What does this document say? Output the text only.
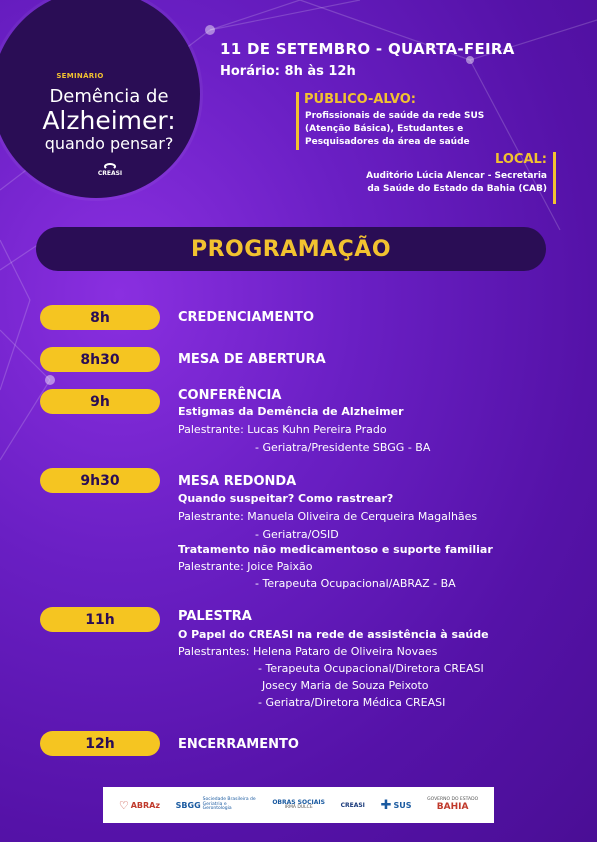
SEMINÁRIO
Demência de
Alzheimer:
quando pensar?
CREASI
11 DE SETEMBRO - QUARTA-FEIRA
Horário: 8h às 12h
PÚBLICO-ALVO:
Profissionais de saúde da rede SUS
(Atenção Básica), Estudantes e
Pesquisadores da área de saúde
LOCAL:
Auditório Lúcia Alencar - Secretaria
da Saúde do Estado da Bahia (CAB)
PROGRAMAÇÃO
8h	CREDENCIAMENTO
8h30	MESA DE ABERTURA
9h	CONFERÊNCIA
Estigmas da Demência de Alzheimer
Palestrante: Lucas Kuhn Pereira Prado
- Geriatra/Presidente SBGG - BA
9h30	MESA REDONDA
Quando suspeitar? Como rastrear?
Palestrante: Manuela Oliveira de Cerqueira Magalhães
- Geriatra/OSID
Tratamento não medicamentoso e suporte familiar
Palestrante: Joice Paixão
- Terapeuta Ocupacional/ABRAZ - BA
11h	PALESTRA
O Papel do CREASI na rede de assistência à saúde
Palestrantes: Helena Pataro de Oliveira Novaes
- Terapeuta Ocupacional/Diretora CREASI
Josecy Maria de Souza Peixoto
- Geriatra/Diretora Médica CREASI
12h	ENCERRAMENTO
♡ ABRAz SBGG
Sociedade Brasileira de Geriatria e Gerontologia
OBRAS SOCIAIS
IRMÃ DULCE	CREASI ✚ SUS
GOVERNO DO ESTADO
BAHIA
